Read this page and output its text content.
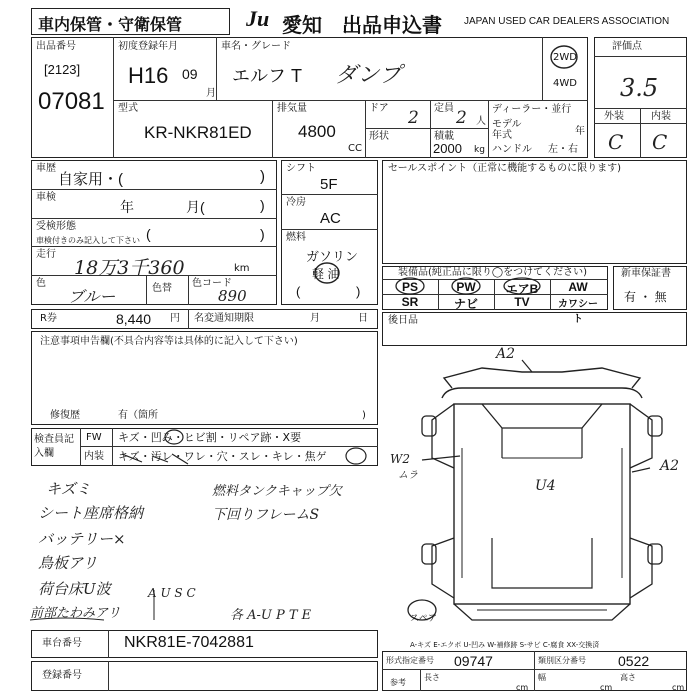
車内保管・守衛保管	Ju 愛知 出品申込書 JAPAN USED CAR DEALERS ASSOCIATION
出品番号
[2123]
07081
初度登録年月
H16 09
月
車名・グレード
エルフ T ダンプ
2WD
4WD
型式
KR-NKR81ED
排気量
4800
CC
ドア 2
形状
定員 2 人
積載
2000 kg
ディーラー・並行
モデル 年式	年
ハンドル 左・右
評価点
3.5
外装	内装
C C
車歴
自家用・(	)
車検
年	月(	)
受検形態
車検付きのみ記入して下さい (	)
走行
18万3千360	km
色
ブルー	色替 色コード
890
シフト
5F
冷房
AC
燃料
ガソリン
軽 油
(	)
セールスポイント（正常に機能するものに限ります)
装備品(純正品に限り◯をつけてください)
PS	PW	エアB	AW
SR	ナビ	TV	カワシート
新車保証書
有 ・ 無
R券	8,440 円 名変通知期限	月	日 後日品
注意事項申告欄(不具合内容等は具体的に記入して下さい)
修復歴	有（箇所	)
検査員記入欄
FW キズ・凹み・ヒビ割・リペア跡・X要
内装 キズ・汚レ・ワレ・穴・スレ・キレ・焦ゲ
キズミ	燃料タンクキャップ欠
シート座席格納	下回りフレームS
バッテリー×
鳥板アリ
荷台床U波
前部たわみアリ
A U S C
各 A-U P T E
A2
A2
W2
ムラ
U4
スペア
車台番号	NKR81E-7042881
登録番号
A-キズ E-エクボ U-凹み W-補修跡 S-サビ C-腐食 XX-交換済
形式指定番号 09747	類別区分番号 0522
参考
長さ
cm
幅
cm
高さ
cm
